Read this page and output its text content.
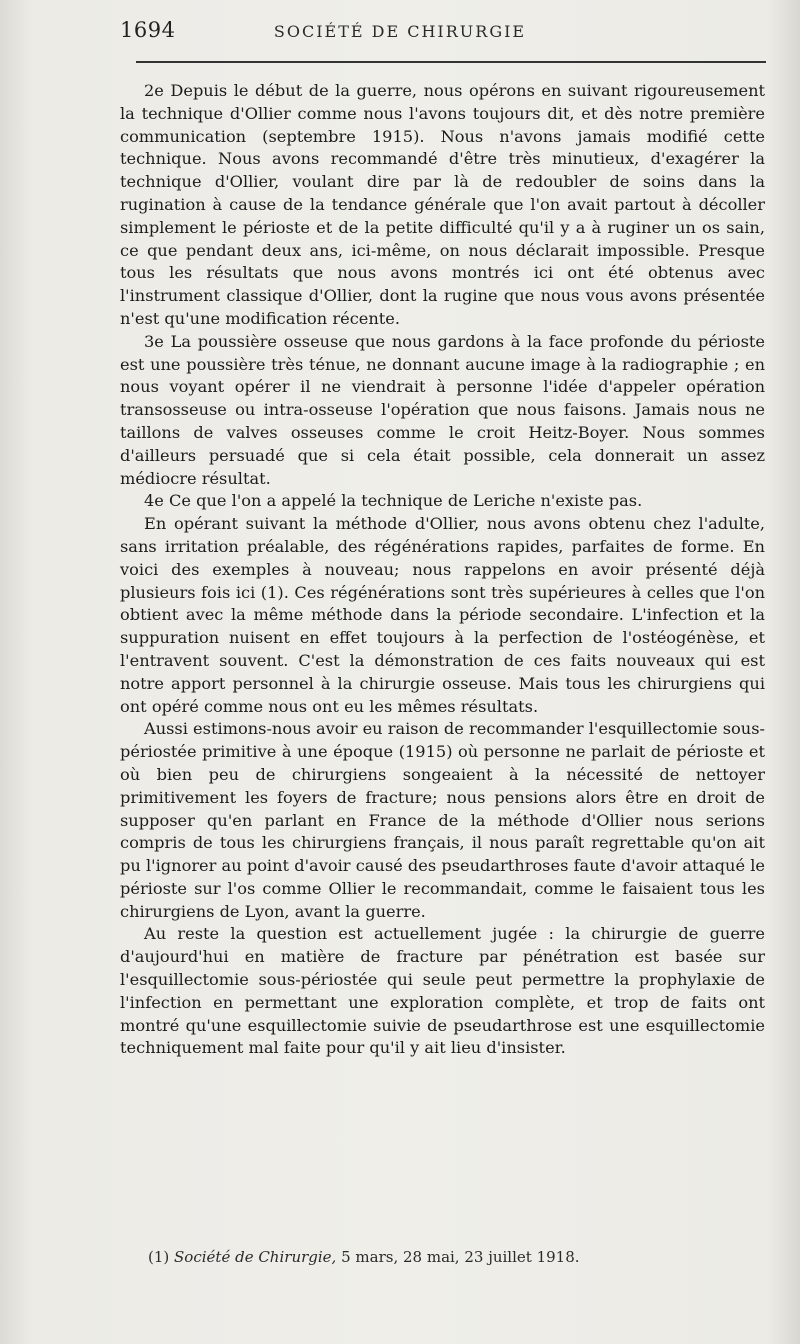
1694	SOCIÉTÉ DE CHIRURGIE

2e Depuis le début de la guerre, nous opérons en suivant rigoureusement la technique d'Ollier comme nous l'avons toujours dit, et dès notre première communication (septembre 1915). Nous n'avons jamais modifié cette technique. Nous avons recommandé d'être très minutieux, d'exagérer la technique d'Ollier, voulant dire par là de redoubler de soins dans la rugination à cause de la tendance générale que l'on avait partout à décoller simplement le périoste et de la petite difficulté qu'il y a à ruginer un os sain, ce que pendant deux ans, ici-même, on nous déclarait impossible. Presque tous les résultats que nous avons montrés ici ont été obtenus avec l'instrument classique d'Ollier, dont la rugine que nous vous avons présentée n'est qu'une modification récente.

3e La poussière osseuse que nous gardons à la face profonde du périoste est une poussière très ténue, ne donnant aucune image à la radiographie ; en nous voyant opérer il ne viendrait à personne l'idée d'appeler opération transosseuse ou intra-osseuse l'opération que nous faisons. Jamais nous ne taillons de valves osseuses comme le croit Heitz-Boyer. Nous sommes d'ailleurs persuadé que si cela était possible, cela donnerait un assez médiocre résultat.

4e Ce que l'on a appelé la technique de Leriche n'existe pas.

En opérant suivant la méthode d'Ollier, nous avons obtenu chez l'adulte, sans irritation préalable, des régénérations rapides, parfaites de forme. En voici des exemples à nouveau; nous rappelons en avoir présenté déjà plusieurs fois ici (1). Ces régénérations sont très supérieures à celles que l'on obtient avec la même méthode dans la période secondaire. L'infection et la suppuration nuisent en effet toujours à la perfection de l'ostéogénèse, et l'entravent souvent. C'est la démonstration de ces faits nouveaux qui est notre apport personnel à la chirurgie osseuse. Mais tous les chirurgiens qui ont opéré comme nous ont eu les mêmes résultats.

Aussi estimons-nous avoir eu raison de recommander l'esquillectomie sous-périostée primitive à une époque (1915) où personne ne parlait de périoste et où bien peu de chirurgiens songeaient à la nécessité de nettoyer primitivement les foyers de fracture; nous pensions alors être en droit de supposer qu'en parlant en France de la méthode d'Ollier nous serions compris de tous les chirurgiens français, il nous paraît regrettable qu'on ait pu l'ignorer au point d'avoir causé des pseudarthroses faute d'avoir attaqué le périoste sur l'os comme Ollier le recommandait, comme le faisaient tous les chirurgiens de Lyon, avant la guerre.

Au reste la question est actuellement jugée : la chirurgie de guerre d'aujourd'hui en matière de fracture par pénétration est basée sur l'esquillectomie sous-périostée qui seule peut permettre la prophylaxie de l'infection en permettant une exploration complète, et trop de faits ont montré qu'une esquillectomie suivie de pseudarthrose est une esquillectomie techniquement mal faite pour qu'il y ait lieu d'insister.

(1) Société de Chirurgie, 5 mars, 28 mai, 23 juillet 1918.
